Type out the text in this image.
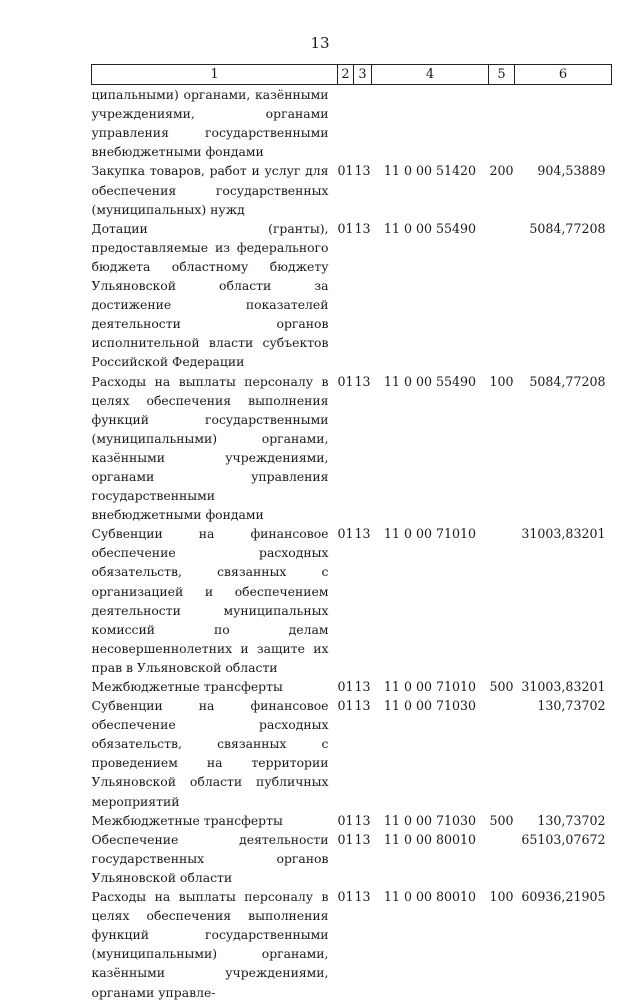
13
1	2	3	4	5	6
ципальными) органами, казёнными учреждениями, органами управления государственными внебюджетными фондами					
Закупка товаров, работ и услуг для обеспечения государственных (муниципальных) нужд	01	13	11 0 00 51420	200	904,53889
Дотации (гранты), предоставляемые из федерального бюджета областному бюджету Ульяновской области за достижение показателей деятельности органов исполнительной власти субъектов Российской Федерации	01	13	11 0 00 55490		5084,77208
Расходы на выплаты персоналу в целях обеспечения выполнения функций государственными (муниципальными) органами, казёнными учреждениями, органами управления государственными внебюджетными фондами	01	13	11 0 00 55490	100	5084,77208
Субвенции на финансовое обеспечение расходных обязательств, связанных с организацией и обеспечением деятельности муниципальных комиссий по делам несовершеннолетних и защите их прав в Ульяновской области	01	13	11 0 00 71010		31003,83201
Межбюджетные трансферты	01	13	11 0 00 71010	500	31003,83201
Субвенции на финансовое обеспечение расходных обязательств, связанных с проведением на территории Ульяновской области публичных мероприятий	01	13	11 0 00 71030		130,73702
Межбюджетные трансферты	01	13	11 0 00 71030	500	130,73702
Обеспечение деятельности государственных органов Ульяновской области	01	13	11 0 00 80010		65103,07672
Расходы на выплаты персоналу в целях обеспечения выполнения функций государственными (муниципальными) органами, казёнными учреждениями, органами управле-	01	13	11 0 00 80010	100	60936,21905
